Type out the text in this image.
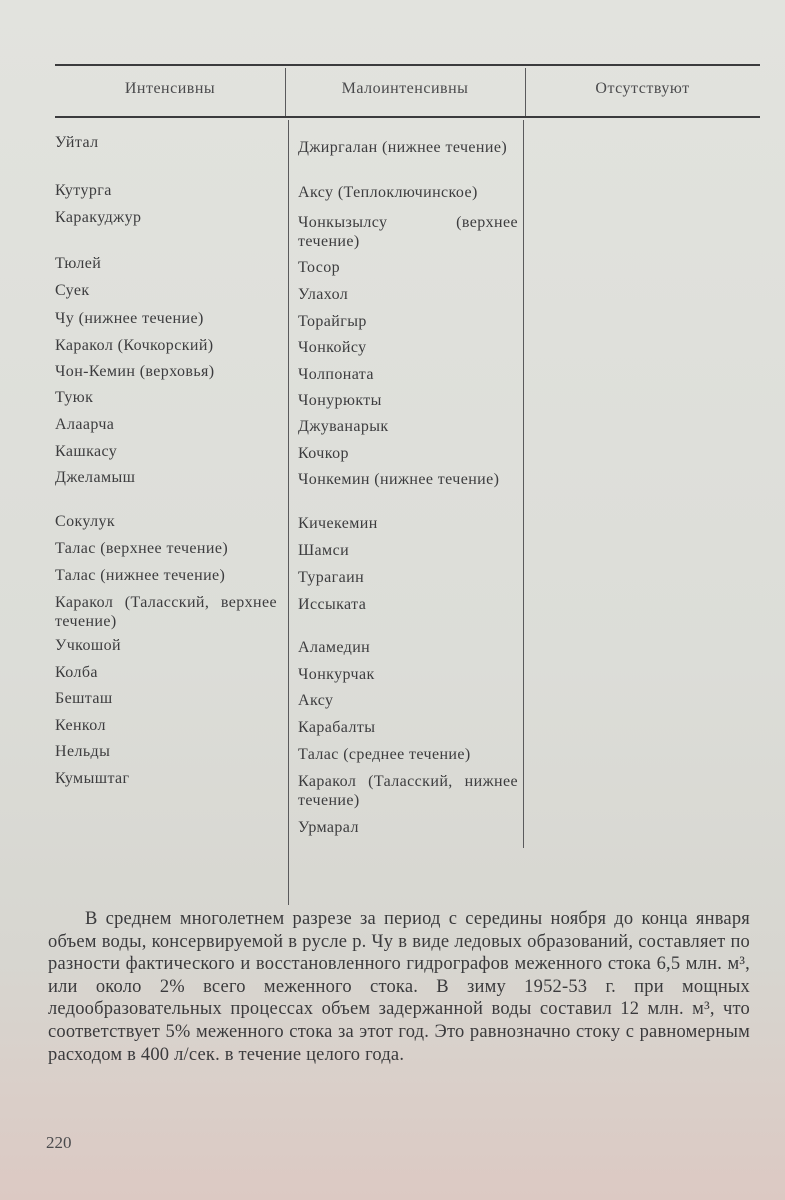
Интенсивны	Малоинтенсивны	Отсутствуют
Уйтал
Кутурга
Каракуджур
Тюлей
Суек
Чу (нижнее течение)
Каракол (Кочкорский)
Чон-Кемин (верховья)
Туюк
Алаарча
Кашкасу
Джеламыш
Сокулук
Талас (верхнее течение)
Талас (нижнее течение)
Каракол (Таласский, верхнее течение)
Учкошой
Колба
Бешташ
Кенкол
Нельды
Кумыштаг
Джиргалан (нижнее течение)
Аксу (Теплоключинское)
Чонкызылсу (верхнее течение)
Тосор
Улахол
Торайгыр
Чонкойсу
Чолпоната
Чонурюкты
Джуванарык
Кочкор
Чонкемин (нижнее течение)
Кичекемин
Шамси
Турагаин
Иссыката
Аламедин
Чонкурчак
Аксу
Карабалты
Талас (среднее течение)
Каракол (Таласский, нижнее течение)
Урмарал
В среднем многолетнем разрезе за период с середины ноября до конца января объем воды, консервируемой в русле р. Чу в виде ледовых образований, составляет по разности фактического и восстановленного гидрографов меженного стока 6,5 млн. м³, или около 2% всего меженного стока. В зиму 1952-53 г. при мощных ледообразовательных процессах объем задержанной воды составил 12 млн. м³, что соответствует 5% меженного стока за этот год. Это равнозначно стоку с равномерным расходом в 400 л/сек. в течение целого года.
220
